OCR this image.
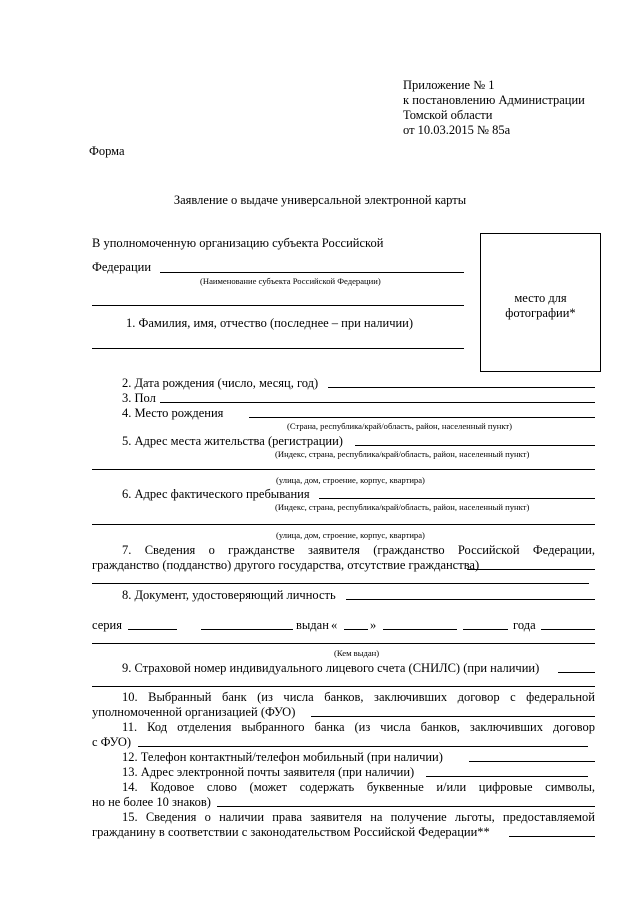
Приложение № 1
к постановлению Администрации
Томской области
от 10.03.2015 № 85а
Форма
Заявление о выдаче универсальной электронной карты
место для фотографии*
В уполномоченную организацию субъекта Российской
Федерации
(Наименование субъекта Российской Федерации)
1. Фамилия, имя, отчество (последнее – при наличии)
2. Дата рождения (число, месяц, год)
3. Пол
4. Место рождения
(Страна, республика/край/область, район, населенный пункт)
5. Адрес места жительства (регистрации)
(Индекс, страна, республика/край/область, район, населенный пункт)
(улица, дом, строение, корпус, квартира)
6. Адрес фактического пребывания
(Индекс, страна, республика/край/область, район, населенный пункт)
(улица, дом, строение, корпус, квартира)
7. Сведения о гражданстве заявителя (гражданство Российской Федерации,
гражданство (подданство) другого государства, отсутствие гражданства)
8. Документ, удостоверяющий личность
серия	выдан «	»	года
(Кем выдан)
9. Страховой номер индивидуального лицевого счета (СНИЛС) (при наличии)
10. Выбранный банк (из числа банков, заключивших договор с федеральной
уполномоченной организацией (ФУО)
11. Код отделения выбранного банка (из числа банков, заключивших договор
с ФУО)
12. Телефон контактный/телефон мобильный (при наличии)
13. Адрес электронной почты заявителя (при наличии)
14. Кодовое слово (может содержать буквенные и/или цифровые символы,
но не более 10 знаков)
15. Сведения о наличии права заявителя на получение льготы, предоставляемой
гражданину в соответствии с законодательством Российской Федерации**
